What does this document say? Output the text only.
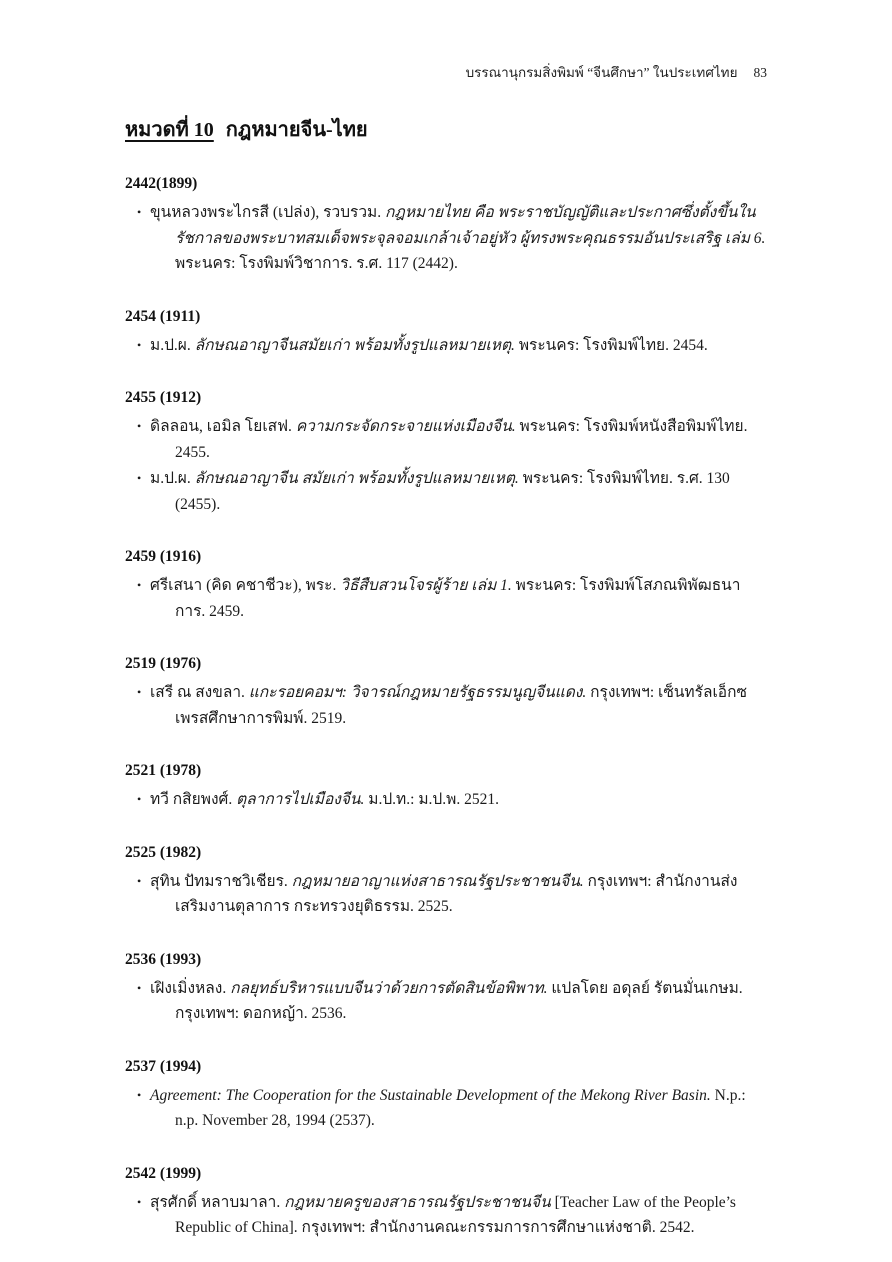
บรรณานุกรมสิ่งพิมพ์ “จีนศึกษา” ในประเทศไทย 83
หมวดที่ 10 กฎหมายจีน-ไทย
2442(1899)
• ขุนหลวงพระไกรสี (เปล่ง), รวบรวม. กฎหมายไทย คือ พระราชบัญญัติและประกาศซึ่งตั้งขึ้นในรัชกาลของพระบาทสมเด็จพระจุลจอมเกล้าเจ้าอยู่หัว ผู้ทรงพระคุณธรรมอันประเสริฐ เล่ม 6. พระนคร: โรงพิมพ์วิชาการ. ร.ศ. 117 (2442).
2454 (1911)
• ม.ป.ผ. ลักษณอาญาจีนสมัยเก่า พร้อมทั้งรูปแลหมายเหตุ. พระนคร: โรงพิมพ์ไทย. 2454.
2455 (1912)
• ดิลลอน, เอมิล โยเสฟ. ความกระจัดกระจายแห่งเมืองจีน. พระนคร: โรงพิมพ์หนังสือพิมพ์ไทย. 2455.
• ม.ป.ผ. ลักษณอาญาจีน สมัยเก่า พร้อมทั้งรูปแลหมายเหตุ. พระนคร: โรงพิมพ์ไทย. ร.ศ. 130 (2455).
2459 (1916)
• ศรีเสนา (คิด คชาชีวะ), พระ. วิธีสืบสวนโจรผู้ร้าย เล่ม 1. พระนคร: โรงพิมพ์โสภณพิพัฒธนาการ. 2459.
2519 (1976)
• เสรี ณ สงขลา. แกะรอยคอมฯ: วิจารณ์กฎหมายรัฐธรรมนูญจีนแดง. กรุงเทพฯ: เซ็นทรัลเอ็กซเพรสศึกษาการพิมพ์. 2519.
2521 (1978)
• ทวี กสิยพงศ์. ตุลาการไปเมืองจีน. ม.ป.ท.: ม.ป.พ. 2521.
2525 (1982)
• สุทิน ปัทมราชวิเชียร. กฎหมายอาญาแห่งสาธารณรัฐประชาชนจีน. กรุงเทพฯ: สำนักงานส่งเสริมงานตุลาการ กระทรวงยุติธรรม. 2525.
2536 (1993)
• เฝิงเมิ่งหลง. กลยุทธ์บริหารแบบจีนว่าด้วยการตัดสินข้อพิพาท. แปลโดย อดุลย์ รัตนมั่นเกษม. กรุงเทพฯ: ดอกหญ้า. 2536.
2537 (1994)
• Agreement: The Cooperation for the Sustainable Development of the Mekong River Basin. N.p.: n.p. November 28, 1994 (2537).
2542 (1999)
• สุรศักดิ์ หลาบมาลา. กฎหมายครูของสาธารณรัฐประชาชนจีน [Teacher Law of the People’s Republic of China]. กรุงเทพฯ: สำนักงานคณะกรรมการการศึกษาแห่งชาติ. 2542.
